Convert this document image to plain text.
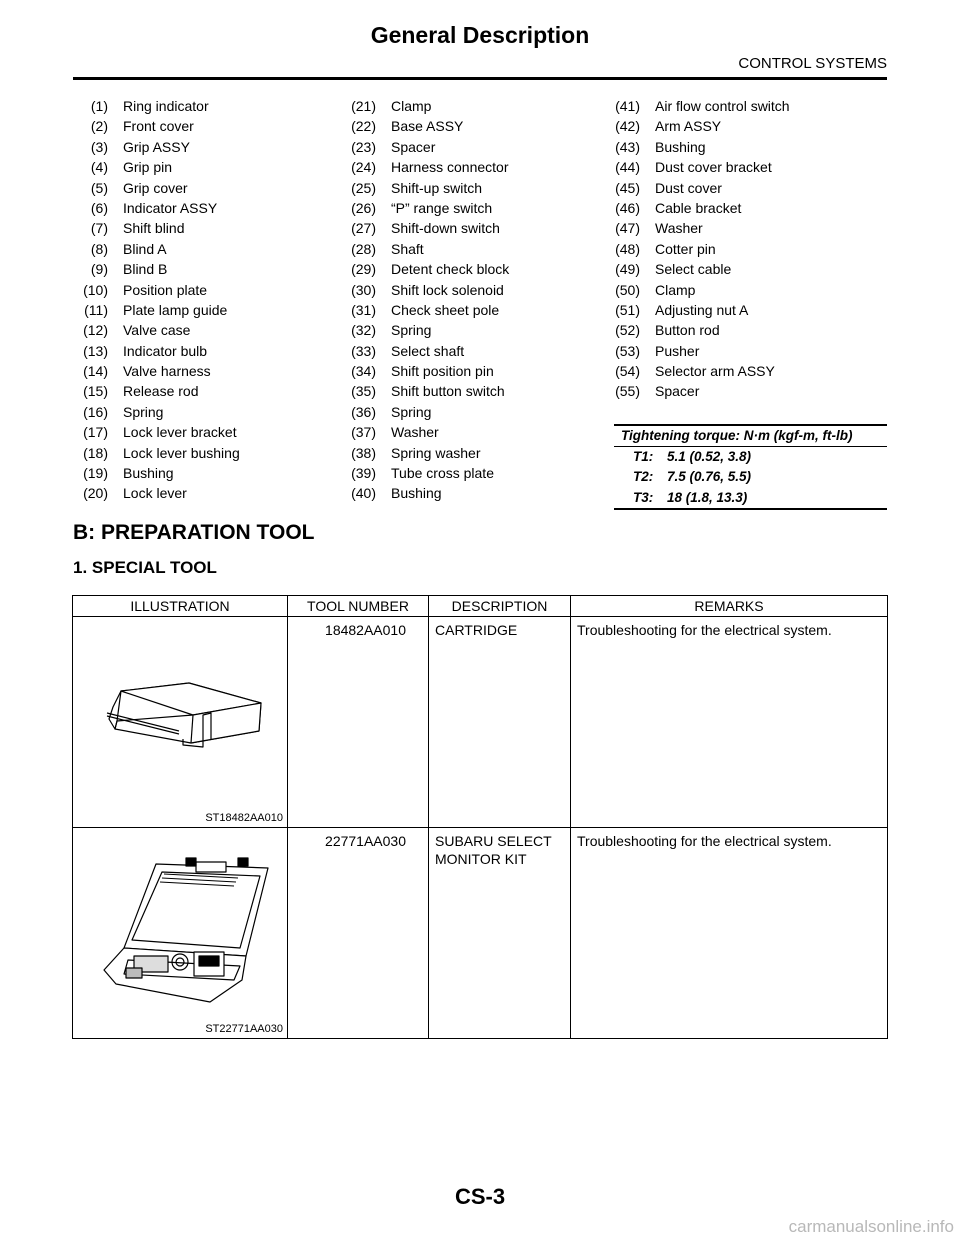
General Description
CONTROL SYSTEMS
(1) Ring indicator
(2) Front cover
(3) Grip ASSY
(4) Grip pin
(5) Grip cover
(6) Indicator ASSY
(7) Shift blind
(8) Blind A
(9) Blind B
(10) Position plate
(11) Plate lamp guide
(12) Valve case
(13) Indicator bulb
(14) Valve harness
(15) Release rod
(16) Spring
(17) Lock lever bracket
(18) Lock lever bushing
(19) Bushing
(20) Lock lever
(21) Clamp
(22) Base ASSY
(23) Spacer
(24) Harness connector
(25) Shift-up switch
(26) “P” range switch
(27) Shift-down switch
(28) Shaft
(29) Detent check block
(30) Shift lock solenoid
(31) Check sheet pole
(32) Spring
(33) Select shaft
(34) Shift position pin
(35) Shift button switch
(36) Spring
(37) Washer
(38) Spring washer
(39) Tube cross plate
(40) Bushing
(41) Air flow control switch
(42) Arm ASSY
(43) Bushing
(44) Dust cover bracket
(45) Dust cover
(46) Cable bracket
(47) Washer
(48) Cotter pin
(49) Select cable
(50) Clamp
(51) Adjusting nut A
(52) Button rod
(53) Pusher
(54) Selector arm ASSY
(55) Spacer
Tightening torque: N·m (kgf-m, ft-lb)
T1: 5.1 (0.52, 3.8)
T2: 7.5 (0.76, 5.5)
T3: 18 (1.8, 13.3)
B: PREPARATION TOOL
1. SPECIAL TOOL
ILLUSTRATION	TOOL NUMBER	DESCRIPTION	REMARKS

ST18482AA010	18482AA010	CARTRIDGE	Troubleshooting for the electrical system.

ST22771AA030	22771AA030	SUBARU SELECT MONITOR KIT	Troubleshooting for the electrical system.
CS-3
carmanualsonline.info
